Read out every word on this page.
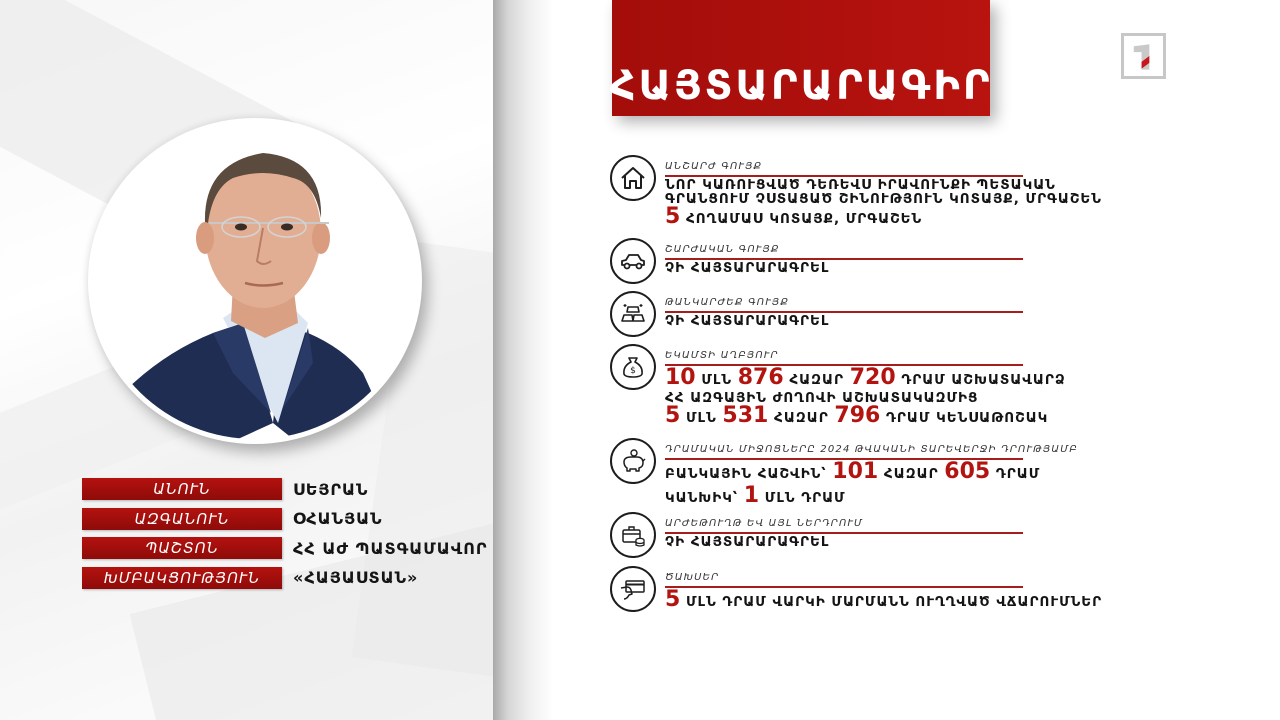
ԱՆՈՒՆ	ՍԵՅՐԱՆ
ԱԶԳԱՆՈՒՆ	ՕՀԱՆՅԱՆ
ՊԱՇՏՈՆ	ՀՀ ԱԺ ՊԱՏԳԱՄԱՎՈՐ
ԽՄԲԱԿՑՈՒԹՅՈՒՆ	«ՀԱՅԱՍՏԱՆ»
ՀԱՅՏԱՐԱՐԱԳԻՐ
ԱՆՇԱՐԺ ԳՈՒՅՔ
ՆՈՐ ԿԱՌՈՒՑՎԱԾ ԴԵՌԵՎՍ ԻՐԱՎՈՒՆՔԻ ՊԵՏԱԿԱՆ
ԳՐԱՆՑՈՒՄ ՉՍՏԱՑԱԾ ՇԻՆՈՒԹՅՈՒՆ ԿՈՏԱՅՔ, ՄՐԳԱՇԵՆ
5 ՀՈՂԱՄԱՍ ԿՈՏԱՅՔ, ՄՐԳԱՇԵՆ
ՇԱՐԺԱԿԱՆ ԳՈՒՅՔ
ՉԻ ՀԱՅՏԱՐԱՐԱԳՐԵԼ
ԹԱՆԿԱՐԺԵՔ ԳՈՒՅՔ
ՉԻ ՀԱՅՏԱՐԱՐԱԳՐԵԼ
$
ԵԿԱՄՏԻ ԱՂԲՅՈՒՐ
10 ՄԼՆ 876 ՀԱԶԱՐ 720 ԴՐԱՄ ԱՇԽԱՏԱՎԱՐՁ
ՀՀ ԱԶԳԱՅԻՆ ԺՈՂՈՎԻ ԱՇԽԱՏԱԿԱԶՄԻՑ
5 ՄԼՆ 531 ՀԱԶԱՐ 796 ԴՐԱՄ ԿԵՆՍԱԹՈՇԱԿ
ԴՐԱՄԱԿԱՆ ՄԻՋՈՑՆԵՐԸ 2024 ԹՎԱԿԱՆԻ ՏԱՐԵՎԵՐՋԻ ԴՐՈՒԹՅԱՄԲ
ԲԱՆԿԱՅԻՆ ՀԱՇՎԻՆ՝ 101 ՀԱԶԱՐ 605 ԴՐԱՄ
ԿԱՆԽԻԿ՝ 1 ՄԼՆ ԴՐԱՄ
ԱՐԺԵԹՈՒՂԹ ԵՎ ԱՅԼ ՆԵՐԴՐՈՒՄ
ՉԻ ՀԱՅՏԱՐԱՐԱԳՐԵԼ
ԾԱԽՍԵՐ
5 ՄԼՆ ԴՐԱՄ ՎԱՐԿԻ ՄԱՐՄԱՆՆ ՈՒՂՂՎԱԾ ՎՃԱՐՈՒՄՆԵՐ
